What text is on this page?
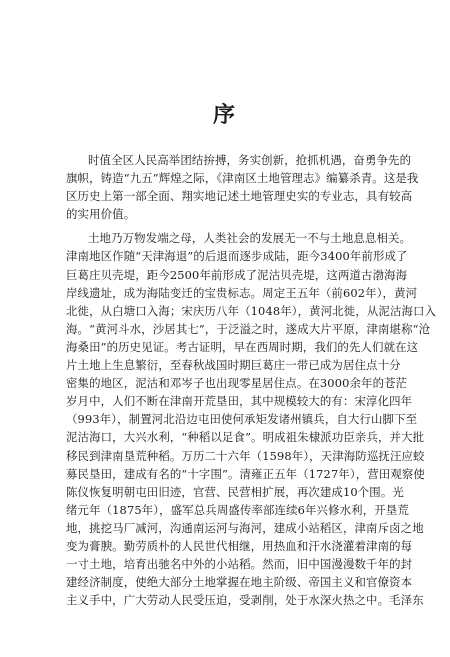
序
时值全区人民高举团结拚搏，务实创新，抢抓机遇，奋勇争先的
旗帜，铸造“九五”辉煌之际，《津南区土地管理志》编纂杀青。这是我
区历史上第一部全面、翔实地记述土地管理史实的专业志，具有较高
的实用价值。
土地乃万物发端之母，人类社会的发展无一不与土地息息相关。
津南地区作随“天津海退”的后退而逐步成陆，距今3400年前形成了
巨葛庄贝壳堤，距今2500年前形成了泥沽贝壳堤，这两道古渤海海
岸线遗址，成为海陆变迁的宝贵标志。周定王五年（前602年），黄河
北徙，从白塘口入海；宋庆历八年（1048年），黄河北徙，从泥沽海口入
海。“黄河斗水，沙居其七”，于泛溢之时，遂成大片平原，津南堪称“沧
海桑田”的历史见证。考古证明，早在西周时期，我们的先人们就在这
片土地上生息繁衍，至春秋战国时期巨葛庄一带已成为居住点十分
密集的地区，泥沽和邓岑子也出现零星居住点。在3000余年的苍茫
岁月中，人们不断在津南开荒垦田，其中规模较大的有：宋淳化四年
（993年），制置河北沿边屯田使何承矩发诸州镇兵，自大行山脚下至
泥沽海口，大兴水利，“种稻以足食”。明成祖朱棣派功臣亲兵，并大批
移民到津南垦荒种稻。万历二十六年（1598年），天津海防巡抚汪应蛟
募民垦田，建成有名的“十字围”。清雍正五年（1727年），营田观察使
陈仪恢复明朝屯田旧迹，官营、民营相扩展，再次建成10个围。光
绪元年（1875年），盛军总兵周盛传率部连续6年兴修水利，开垦荒
地，挑挖马厂减河，沟通南运河与海河，建成小站稻区，津南斥卤之地
变为膏腴。勤劳质朴的人民世代相继，用热血和汗水浇灌着津南的每
一寸土地，培育出驰名中外的小站稻。然而，旧中国漫漫数千年的封
建经济制度，使绝大部分土地掌握在地主阶级、帝国主义和官僚资本
主义手中，广大劳动人民受压迫，受剥削，处于水深火热之中。毛泽东
